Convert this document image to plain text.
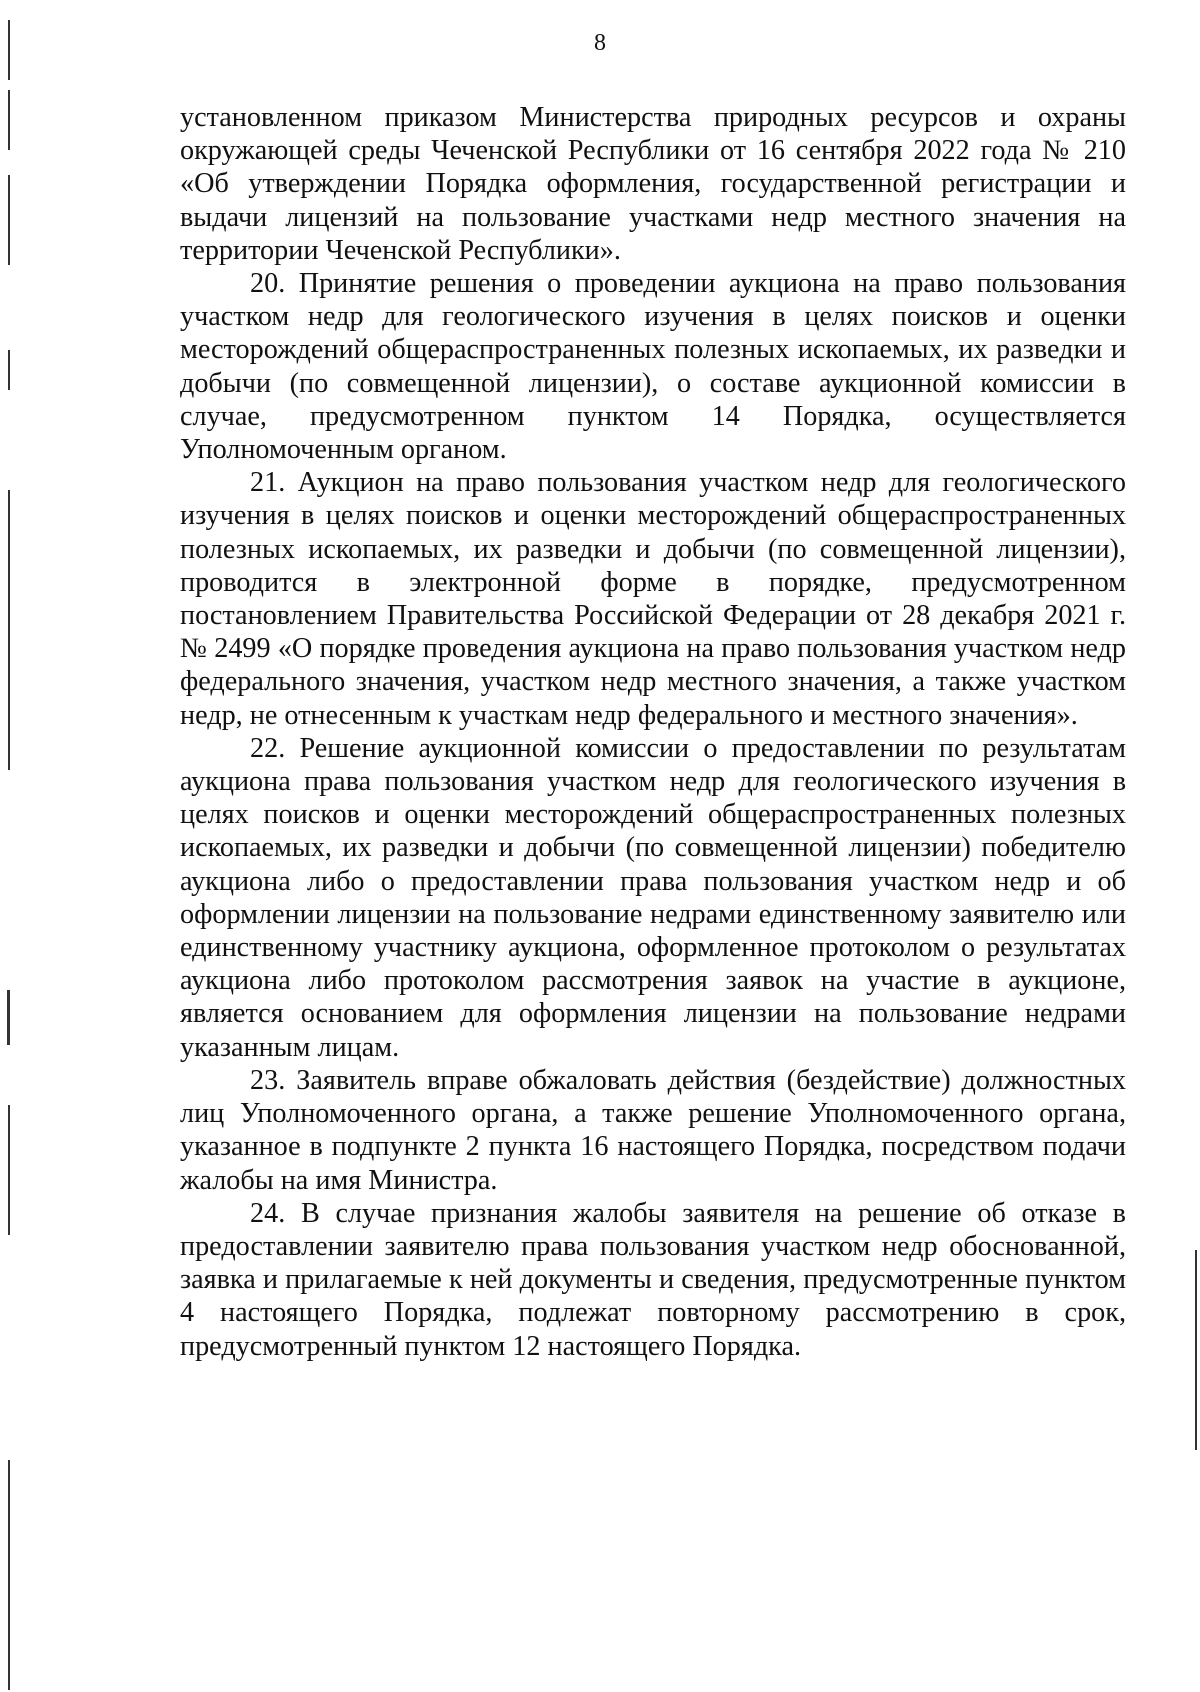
8

установленном приказом Министерства природных ресурсов и охраны окружающей среды Чеченской Республики от 16 сентября 2022 года № 210 «Об утверждении Порядка оформления, государственной регистрации и выдачи лицензий на пользование участками недр местного значения на территории Чеченской Республики».

20. Принятие решения о проведении аукциона на право пользования участком недр для геологического изучения в целях поисков и оценки месторождений общераспространенных полезных ископаемых, их разведки и добычи (по совмещенной лицензии), о составе аукционной комиссии в случае, предусмотренном пунктом 14 Порядка, осуществляется Уполномоченным органом.

21. Аукцион на право пользования участком недр для геологического изучения в целях поисков и оценки месторождений общераспространенных полезных ископаемых, их разведки и добычи (по совмещенной лицензии), проводится в электронной форме в порядке, предусмотренном постановлением Правительства Российской Федерации от 28 декабря 2021 г. № 2499 «О порядке проведения аукциона на право пользования участком недр федерального значения, участком недр местного значения, а также участком недр, не отнесенным к участкам недр федерального и местного значения».

22. Решение аукционной комиссии о предоставлении по результатам аукциона права пользования участком недр для геологического изучения в целях поисков и оценки месторождений общераспространенных полезных ископаемых, их разведки и добычи (по совмещенной лицензии) победителю аукциона либо о предоставлении права пользования участком недр и об оформлении лицензии на пользование недрами единственному заявителю или единственному участнику аукциона, оформленное протоколом о результатах аукциона либо протоколом рассмотрения заявок на участие в аукционе, является основанием для оформления лицензии на пользование недрами указанным лицам.

23. Заявитель вправе обжаловать действия (бездействие) должностных лиц Уполномоченного органа, а также решение Уполномоченного органа, указанное в подпункте 2 пункта 16 настоящего Порядка, посредством подачи жалобы на имя Министра.

24. В случае признания жалобы заявителя на решение об отказе в предоставлении заявителю права пользования участком недр обоснованной, заявка и прилагаемые к ней документы и сведения, предусмотренные пунктом 4 настоящего Порядка, подлежат повторному рассмотрению в срок, предусмотренный пунктом 12 настоящего Порядка.
